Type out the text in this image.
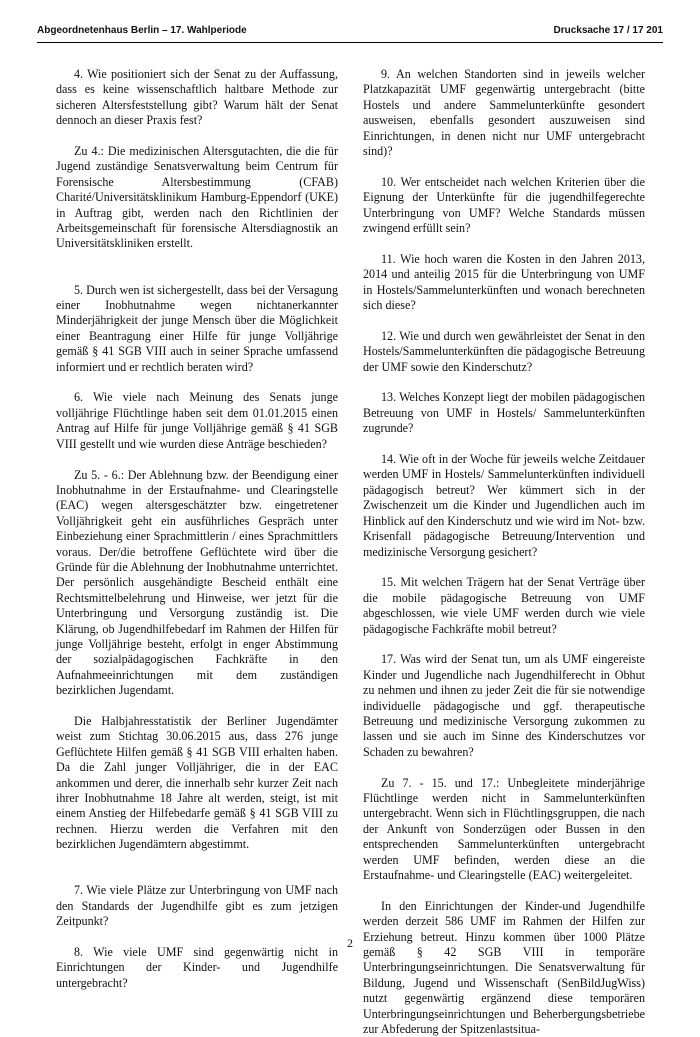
Abgeordnetenhaus Berlin – 17. Wahlperiode	Drucksache 17 / 17 201

4. Wie positioniert sich der Senat zu der Auffassung, dass es keine wissenschaftlich haltbare Methode zur sicheren Altersfeststellung gibt? Warum hält der Senat dennoch an dieser Praxis fest?

Zu 4.: Die medizinischen Altersgutachten, die die für Jugend zuständige Senatsverwaltung beim Centrum für Forensische Altersbestimmung (CFAB) Charité/Universitätsklinikum Hamburg-Eppendorf (UKE) in Auftrag gibt, werden nach den Richtlinien der Arbeitsgemeinschaft für forensische Altersdiagnostik an Universitätskliniken erstellt.

5. Durch wen ist sichergestellt, dass bei der Versagung einer Inobhutnahme wegen nichtanerkannter Minderjährigkeit der junge Mensch über die Möglichkeit einer Beantragung einer Hilfe für junge Volljährige gemäß § 41 SGB VIII auch in seiner Sprache umfassend informiert und er rechtlich beraten wird?

6. Wie viele nach Meinung des Senats junge volljährige Flüchtlinge haben seit dem 01.01.2015 einen Antrag auf Hilfe für junge Volljährige gemäß § 41 SGB VIII gestellt und wie wurden diese Anträge beschieden?

Zu 5. - 6.: Der Ablehnung bzw. der Beendigung einer Inobhutnahme in der Erstaufnahme- und Clearingstelle (EAC) wegen altersgeschätzter bzw. eingetretener Volljährigkeit geht ein ausführliches Gespräch unter Einbeziehung einer Sprachmittlerin / eines Sprachmittlers voraus. Der/die betroffene Geflüchtete wird über die Gründe für die Ablehnung der Inobhutnahme unterrichtet. Der persönlich ausgehändigte Bescheid enthält eine Rechtsmittelbelehrung und Hinweise, wer jetzt für die Unterbringung und Versorgung zuständig ist. Die Klärung, ob Jugendhilfebedarf im Rahmen der Hilfen für junge Volljährige besteht, erfolgt in enger Abstimmung der sozialpädagogischen Fachkräfte in den Aufnahmeeinrichtungen mit dem zuständigen bezirklichen Jugendamt.

Die Halbjahresstatistik der Berliner Jugendämter weist zum Stichtag 30.06.2015 aus, dass 276 junge Geflüchtete Hilfen gemäß § 41 SGB VIII erhalten haben. Da die Zahl junger Volljähriger, die in der EAC ankommen und derer, die innerhalb sehr kurzer Zeit nach ihrer Inobhutnahme 18 Jahre alt werden, steigt, ist mit einem Anstieg der Hilfebedarfe gemäß § 41 SGB VIII zu rechnen. Hierzu werden die Verfahren mit den bezirklichen Jugendämtern abgestimmt.

7. Wie viele Plätze zur Unterbringung von UMF nach den Standards der Jugendhilfe gibt es zum jetzigen Zeitpunkt?

8. Wie viele UMF sind gegenwärtig nicht in Einrichtungen der Kinder- und Jugendhilfe untergebracht?

9. An welchen Standorten sind in jeweils welcher Platzkapazität UMF gegenwärtig untergebracht (bitte Hostels und andere Sammelunterkünfte gesondert ausweisen, ebenfalls gesondert auszuweisen sind Einrichtungen, in denen nicht nur UMF untergebracht sind)?

10. Wer entscheidet nach welchen Kriterien über die Eignung der Unterkünfte für die jugendhilfegerechte Unterbringung von UMF? Welche Standards müssen zwingend erfüllt sein?

11. Wie hoch waren die Kosten in den Jahren 2013, 2014 und anteilig 2015 für die Unterbringung von UMF in Hostels/Sammelunterkünften und wonach berechneten sich diese?

12. Wie und durch wen gewährleistet der Senat in den Hostels/Sammelunterkünften die pädagogische Betreuung der UMF sowie den Kinderschutz?

13. Welches Konzept liegt der mobilen pädagogischen Betreuung von UMF in Hostels/ Sammelunterkünften zugrunde?

14. Wie oft in der Woche für jeweils welche Zeitdauer werden UMF in Hostels/ Sammelunterkünften individuell pädagogisch betreut? Wer kümmert sich in der Zwischenzeit um die Kinder und Jugendlichen auch im Hinblick auf den Kinderschutz und wie wird im Not- bzw. Krisenfall pädagogische Betreuung/Intervention und medizinische Versorgung gesichert?

15. Mit welchen Trägern hat der Senat Verträge über die mobile pädagogische Betreuung von UMF abgeschlossen, wie viele UMF werden durch wie viele pädagogische Fachkräfte mobil betreut?

17. Was wird der Senat tun, um als UMF eingereiste Kinder und Jugendliche nach Jugendhilferecht in Obhut zu nehmen und ihnen zu jeder Zeit die für sie notwendige individuelle pädagogische und ggf. therapeutische Betreuung und medizinische Versorgung zukommen zu lassen und sie auch im Sinne des Kinderschutzes vor Schaden zu bewahren?

Zu 7. - 15. und 17.: Unbegleitete minderjährige Flüchtlinge werden nicht in Sammelunterkünften untergebracht. Wenn sich in Flüchtlingsgruppen, die nach der Ankunft von Sonderzügen oder Bussen in den entsprechenden Sammelunterkünften untergebracht werden UMF befinden, werden diese an die Erstaufnahme- und Clearingstelle (EAC) weitergeleitet.

In den Einrichtungen der Kinder-und Jugendhilfe werden derzeit 586 UMF im Rahmen der Hilfen zur Erziehung betreut. Hinzu kommen über 1000 Plätze gemäß § 42 SGB VIII in temporäre Unterbringungseinrichtungen. Die Senatsverwaltung für Bildung, Jugend und Wissenschaft (SenBildJugWiss) nutzt gegenwärtig ergänzend diese temporären Unterbringungseinrichtungen und Beherbergungsbetriebe zur Abfederung der Spitzenlastsitua-

2
